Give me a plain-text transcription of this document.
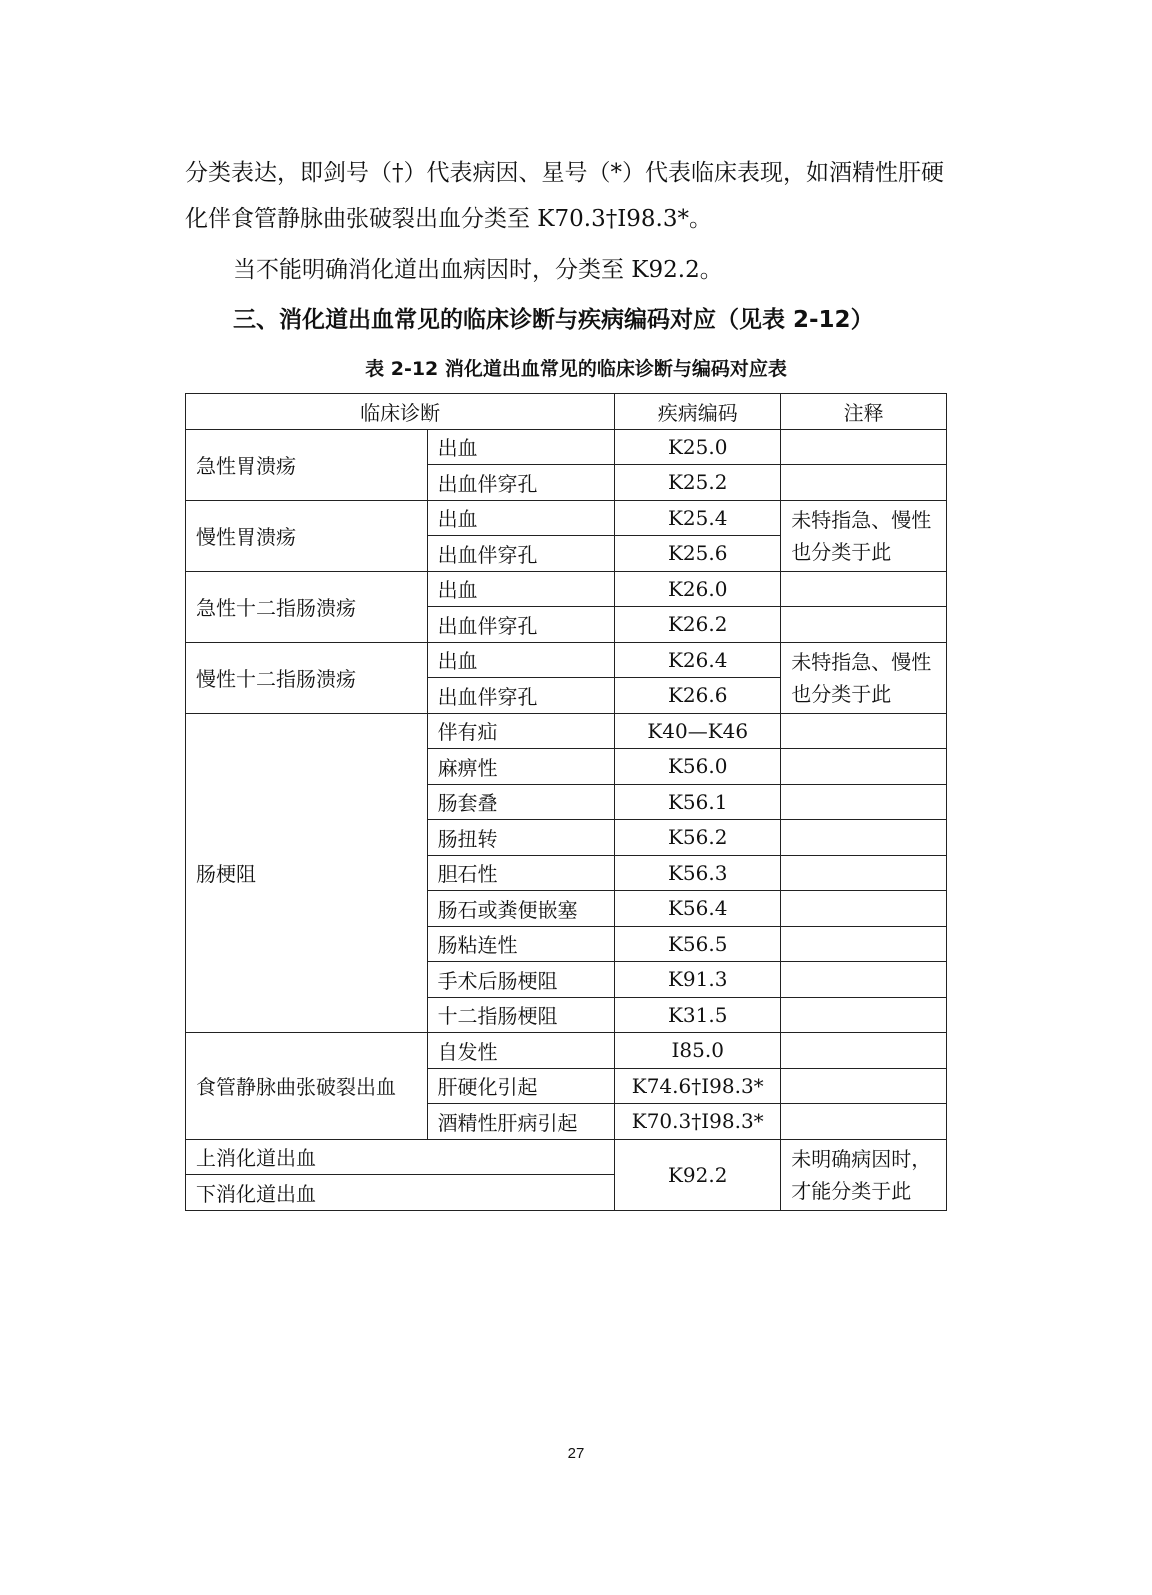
分类表达，即剑号（†）代表病因、星号（*）代表临床表现，如酒精性肝硬化伴食管静脉曲张破裂出血分类至 K70.3†I98.3*。

当不能明确消化道出血病因时，分类至 K92.2。

三、消化道出血常见的临床诊断与疾病编码对应（见表 2-12）
表 2-12 消化道出血常见的临床诊断与编码对应表
临床诊断		疾病编码	注释
急性胃溃疡	出血	K25.0	
	出血伴穿孔	K25.2	
慢性胃溃疡	出血	K25.4	未特指急、慢性也分类于此
	出血伴穿孔	K25.6	
急性十二指肠溃疡	出血	K26.0	
	出血伴穿孔	K26.2	
慢性十二指肠溃疡	出血	K26.4	未特指急、慢性也分类于此
	出血伴穿孔	K26.6	
肠梗阻	伴有疝	K40—K46	
	麻痹性	K56.0	
	肠套叠	K56.1	
	肠扭转	K56.2	
	胆石性	K56.3	
	肠石或粪便嵌塞	K56.4	
	肠粘连性	K56.5	
	手术后肠梗阻	K91.3	
	十二指肠梗阻	K31.5	
食管静脉曲张破裂出血	自发性	I85.0	
	肝硬化引起	K74.6†I98.3*	
	酒精性肝病引起	K70.3†I98.3*	
上消化道出血		K92.2	未明确病因时，才能分类于此
下消化道出血			
27
